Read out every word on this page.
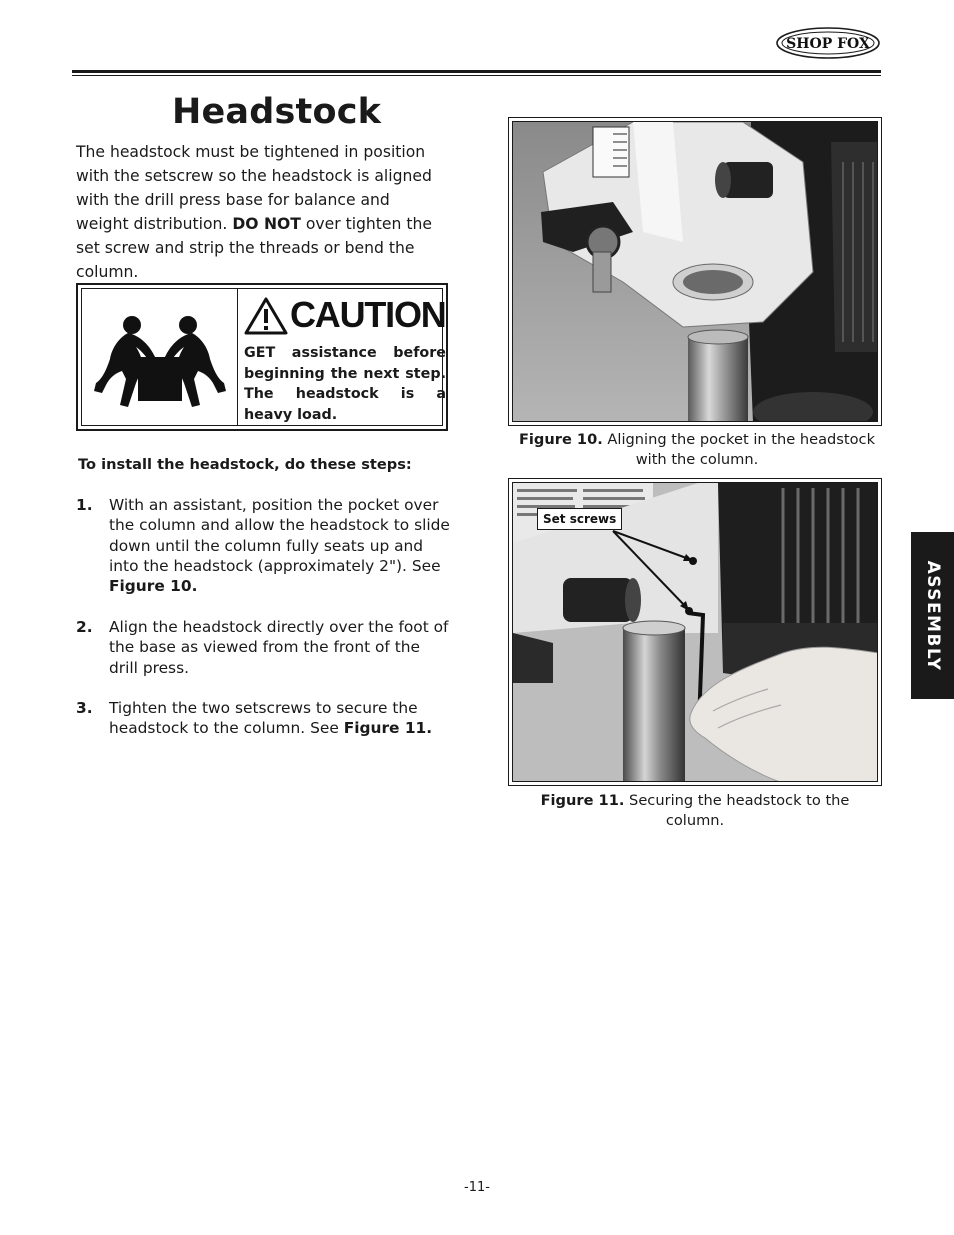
SHOP FOX
Headstock
The headstock must be tightened in position with the setscrew so the headstock is aligned with the drill press base for balance and weight distribution. DO NOT over tighten the set screw and strip the threads or bend the column.
CAUTION
GET assistance before beginning the next step. The headstock is a heavy load.
To install the headstock, do these steps:
1. With an assistant, position the pocket over the column and allow the headstock to slide down until the column fully seats up and into the headstock (approximately 2"). See Figure 10.
2. Align the headstock directly over the foot of the base as viewed from the front of the drill press.
3. Tighten the two setscrews to secure the headstock to the column. See Figure 11.
Figure 10. Aligning the pocket in the headstock with the column.
Set screws
Figure 11. Securing the headstock to the column.
ASSEMBLY
-11-
